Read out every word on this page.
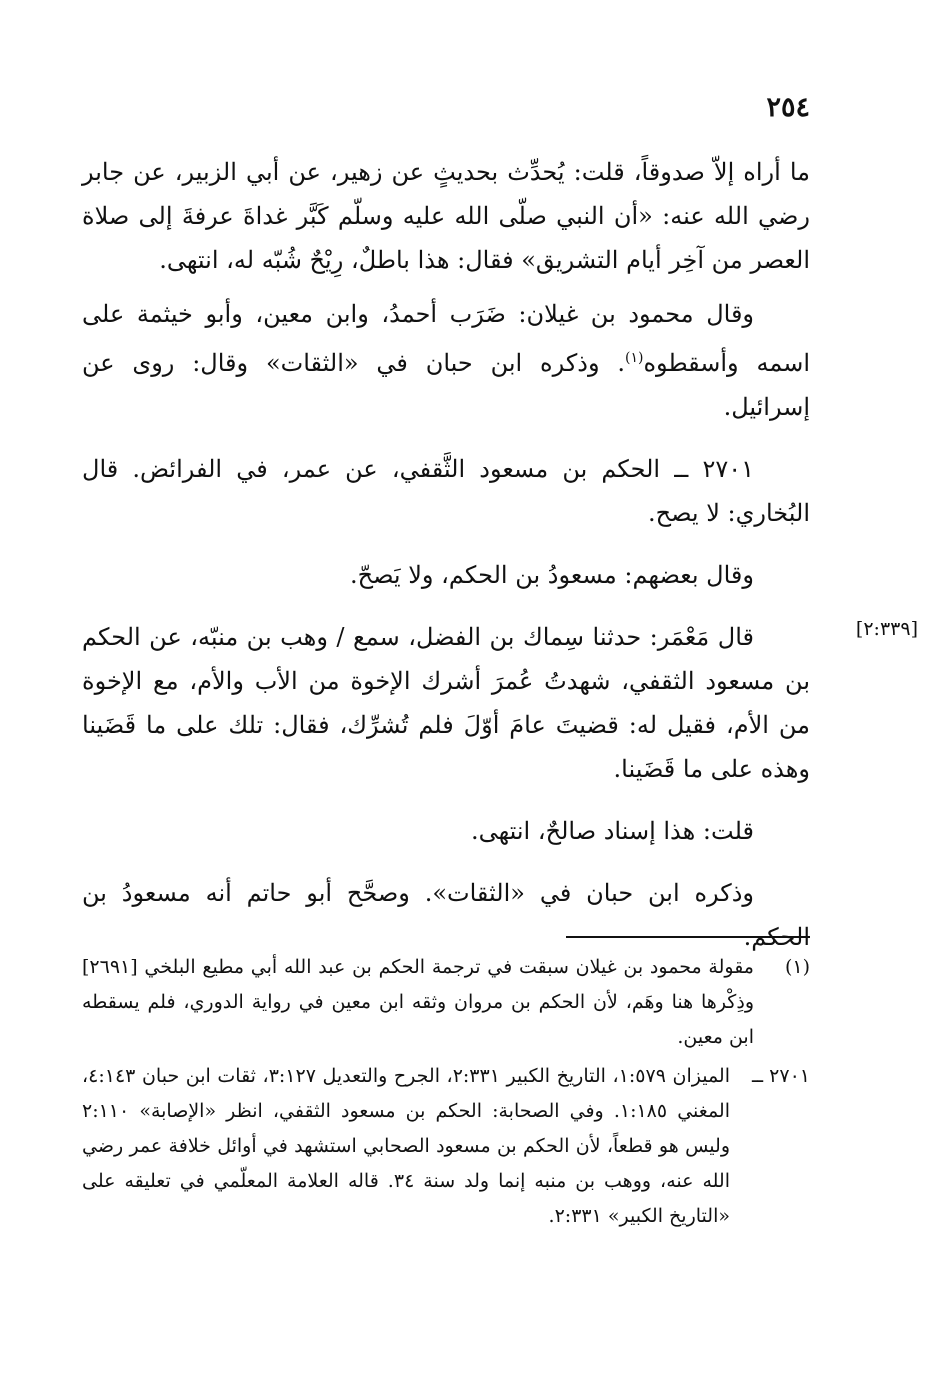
٢٥٤
[٢:٣٣٩]

ما أراه إلاّ صدوقاً، قلت: يُحدِّث بحديثٍ عن زهير، عن أبي الزبير، عن جابر رضي الله عنه: «أن النبي صلّى الله عليه وسلّم كَبَّر غداةَ عرفةَ إلى صلاة العصر من آخِر أيام التشريق» فقال: هذا باطلٌ، رِيْحٌ شُبّه له، انتهى.

وقال محمود بن غيلان: ضَرَب أحمدُ، وابن معين، وأبو خيثمة على اسمه وأسقطوه$^{(١)}$. وذكره ابن حبان في «الثقات» وقال: روى عن إسرائيل.

٢٧٠١ ــ الحكم بن مسعود الثَّقفي، عن عمر، في الفرائض. قال البُخاري: لا يصح.

وقال بعضهم: مسعودُ بن الحكم، ولا يَصحّ.

قال مَعْمَر: حدثنا سِماك بن الفضل، سمع / وهب بن منبّه، عن الحكم بن مسعود الثقفي، شهدتُ عُمرَ أشرك الإخوة من الأب والأم، مع الإخوة من الأم، فقيل له: قضيتَ عامَ أوّلَ فلم تُشرِّك، فقال: تلك على ما قَضَينا وهذه على ما قَضَينا.

قلت: هذا إسناد صالحٌ، انتهى.

وذكره ابن حبان في «الثقات». وصحَّح أبو حاتم أنه مسعودُ بن الحكم.

(١)
مقولة محمود بن غيلان سبقت في ترجمة الحكم بن عبد الله أبي مطيع البلخي [٢٦٩١] وذِكْرها هنا وهَم، لأن الحكم بن مروان وثقه ابن معين في رواية الدوري، فلم يسقطه ابن معين.
٢٧٠١ ــ
الميزان ١:٥٧٩، التاريخ الكبير ٢:٣٣١، الجرح والتعديل ٣:١٢٧، ثقات ابن حبان ٤:١٤٣، المغني ١:١٨٥. وفي الصحابة: الحكم بن مسعود الثقفي، انظر «الإصابة» ٢:١١٠ وليس هو قطعاً، لأن الحكم بن مسعود الصحابي استشهد في أوائل خلافة عمر رضي الله عنه، ووهب بن منبه إنما ولد سنة ٣٤. قاله العلامة المعلّمي في تعليقه على «التاريخ الكبير» ٢:٣٣١.
